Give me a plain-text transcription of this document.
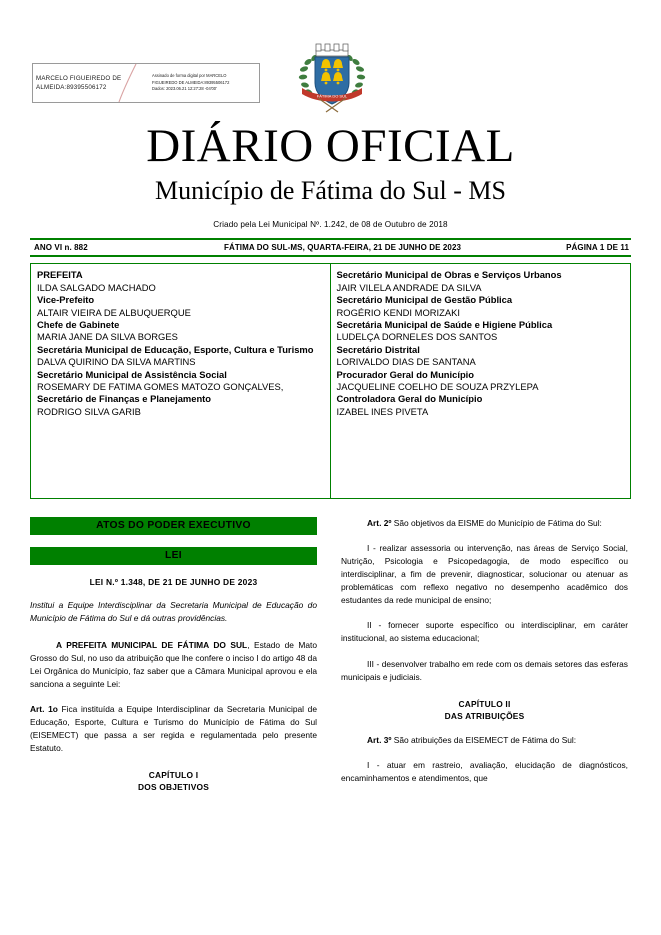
MARCELO FIGUEIREDO DE ALMEIDA:89395506172
Assinado de forma digital por MARCELO
FIGUEIREDO DE ALMEIDA:89395506172
Dados: 2023.06.21 12:27:28 -04'00'
FÁTIMA DO SUL
DIÁRIO OFICIAL
Município de Fátima do Sul - MS
Criado pela Lei Municipal Nº. 1.242, de 08 de Outubro de 2018
ANO VI n. 882	FÁTIMA DO SUL-MS, QUARTA-FEIRA, 21 DE JUNHO DE 2023	PÁGINA 1 DE 11
PREFEITA
ILDA SALGADO MACHADO
Vice-Prefeito
ALTAIR VIEIRA DE ALBUQUERQUE
Chefe de Gabinete
MARIA JANE DA SILVA BORGES
Secretária Municipal de Educação, Esporte, Cultura e Turismo
DALVA QUIRINO DA SILVA MARTINS
Secretário Municipal de Assistência Social
ROSEMARY DE FATIMA GOMES MATOZO GONÇALVES,
Secretário de Finanças e Planejamento
RODRIGO SILVA GARIB
Secretário Municipal de Obras e Serviços Urbanos
JAIR VILELA ANDRADE DA SILVA
Secretário Municipal de Gestão Pública
ROGÉRIO KENDI MORIZAKI
Secretária Municipal de Saúde e Higiene Pública
LUDELÇA DORNELES DOS SANTOS
Secretário Distrital
LORIVALDO DIAS DE SANTANA
Procurador Geral do Município
JACQUELINE COELHO DE SOUZA PRZYLEPA
Controladora Geral do Município
IZABEL INES PIVETA
ATOS DO PODER EXECUTIVO
LEI
LEI N.º 1.348, DE 21 DE JUNHO DE 2023
Institui a Equipe Interdisciplinar da Secretaria Municipal de Educação do Município de Fátima do Sul e dá outras providências.

A PREFEITA MUNICIPAL DE FÁTIMA DO SUL, Estado de Mato Grosso do Sul, no uso da atribuição que lhe confere o inciso I do artigo 48 da Lei Orgânica do Município, faz saber que a Câmara Municipal aprovou e ela sanciona a seguinte Lei:

Art. 1o Fica instituída a Equipe Interdisciplinar da Secretaria Municipal de Educação, Esporte, Cultura e Turismo do Município de Fátima do Sul (EISEMECT) que passa a ser regida e regulamentada pelo presente Estatuto.

CAPÍTULO I
DOS OBJETIVOS

Art. 2º São objetivos da EISME do Município de Fátima do Sul:

I - realizar assessoria ou intervenção, nas áreas de Serviço Social, Nutrição, Psicologia e Psicopedagogia, de modo específico ou interdisciplinar, a fim de prevenir, diagnosticar, solucionar ou atenuar as problemáticas com reflexo negativo no desempenho acadêmico dos estudantes da rede municipal de ensino;

II - fornecer suporte específico ou interdisciplinar, em caráter institucional, ao sistema educacional;

III - desenvolver trabalho em rede com os demais setores das esferas municipais e judiciais.

CAPÍTULO II
DAS ATRIBUIÇÕES

Art. 3º São atribuições da EISEMECT de Fátima do Sul:

I - atuar em rastreio, avaliação, elucidação de diagnósticos, encaminhamentos e atendimentos, que
